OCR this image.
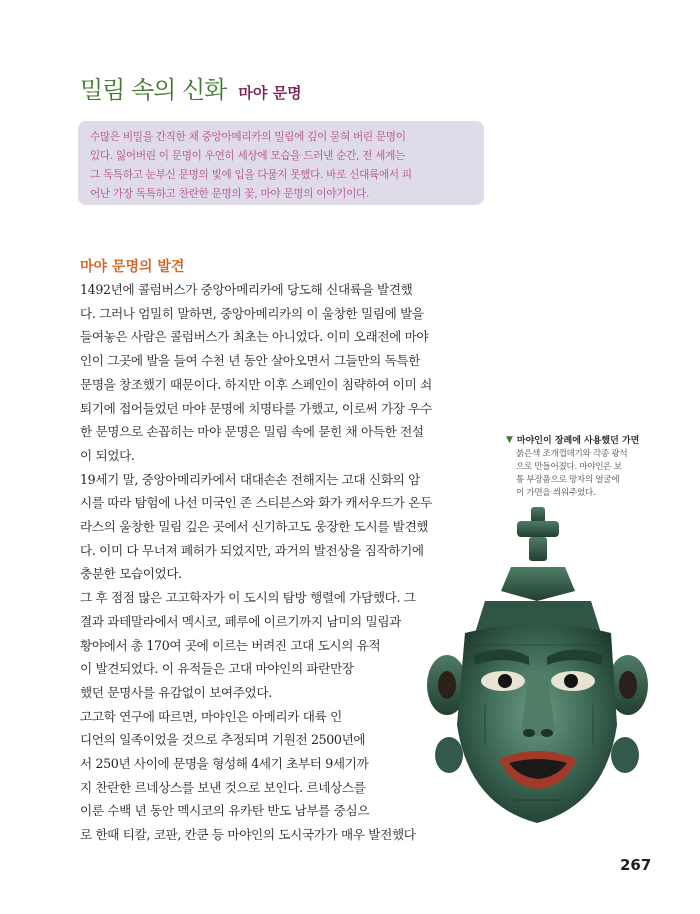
밀림 속의 신화 마야 문명
수많은 비밀을 간직한 채 중앙아메리카의 밀림에 깊이 묻혀 버린 문명이
있다. 잃어버린 이 문명이 우연히 세상에 모습을 드러낸 순간, 전 세계는
그 독특하고 눈부신 문명의 빛에 입을 다물지 못했다. 바로 신대륙에서 피
어난 가장 독특하고 찬란한 문명의 꽃, 마야 문명의 이야기이다.
마야 문명의 발견
1492년에 콜럼버스가 중앙아메리카에 당도해 신대륙을 발견했
다. 그러나 엄밀히 말하면, 중앙아메리카의 이 울창한 밀림에 발을
들여놓은 사람은 콜럼버스가 최초는 아니었다. 이미 오래전에 마야
인이 그곳에 발을 들여 수천 년 동안 살아오면서 그들만의 독특한
문명을 창조했기 때문이다. 하지만 이후 스페인이 침략하여 이미 쇠
퇴기에 접어들었던 마야 문명에 치명타를 가했고, 이로써 가장 우수
한 문명으로 손꼽히는 마야 문명은 밀림 속에 묻힌 채 아득한 전설
이 되었다.
19세기 말, 중앙아메리카에서 대대손손 전해지는 고대 신화의 암
시를 따라 탐험에 나선 미국인 존 스티븐스와 화가 캐서우드가 온두
라스의 울창한 밀림 깊은 곳에서 신기하고도 웅장한 도시를 발견했
다. 이미 다 무너져 폐허가 되었지만, 과거의 발전상을 짐작하기에
충분한 모습이었다.
그 후 점점 많은 고고학자가 이 도시의 탐방 행렬에 가담했다. 그
결과 과테말라에서 멕시코, 페루에 이르기까지 남미의 밀림과
황야에서 총 170여 곳에 이르는 버려진 고대 도시의 유적
이 발견되었다. 이 유적들은 고대 마야인의 파란만장
했던 문명사를 유감없이 보여주었다.
고고학 연구에 따르면, 마야인은 아메리카 대륙 인
디언의 일족이었을 것으로 추정되며 기원전 2500년에
서 250년 사이에 문명을 형성해 4세기 초부터 9세기까
지 찬란한 르네상스를 보낸 것으로 보인다. 르네상스를
이룬 수백 년 동안 멕시코의 유카탄 반도 남부를 중심으
로 한때 티칼, 코판, 칸쿤 등 마야인의 도시국가가 매우 발전했다
▼ 마야인이 장례에 사용했던 가면
붉은색 조개껍데기와 각종 광석
으로 만들어졌다. 마야인은 보
통 부장품으로 망자의 얼굴에
이 가면을 씌워주었다.
267
